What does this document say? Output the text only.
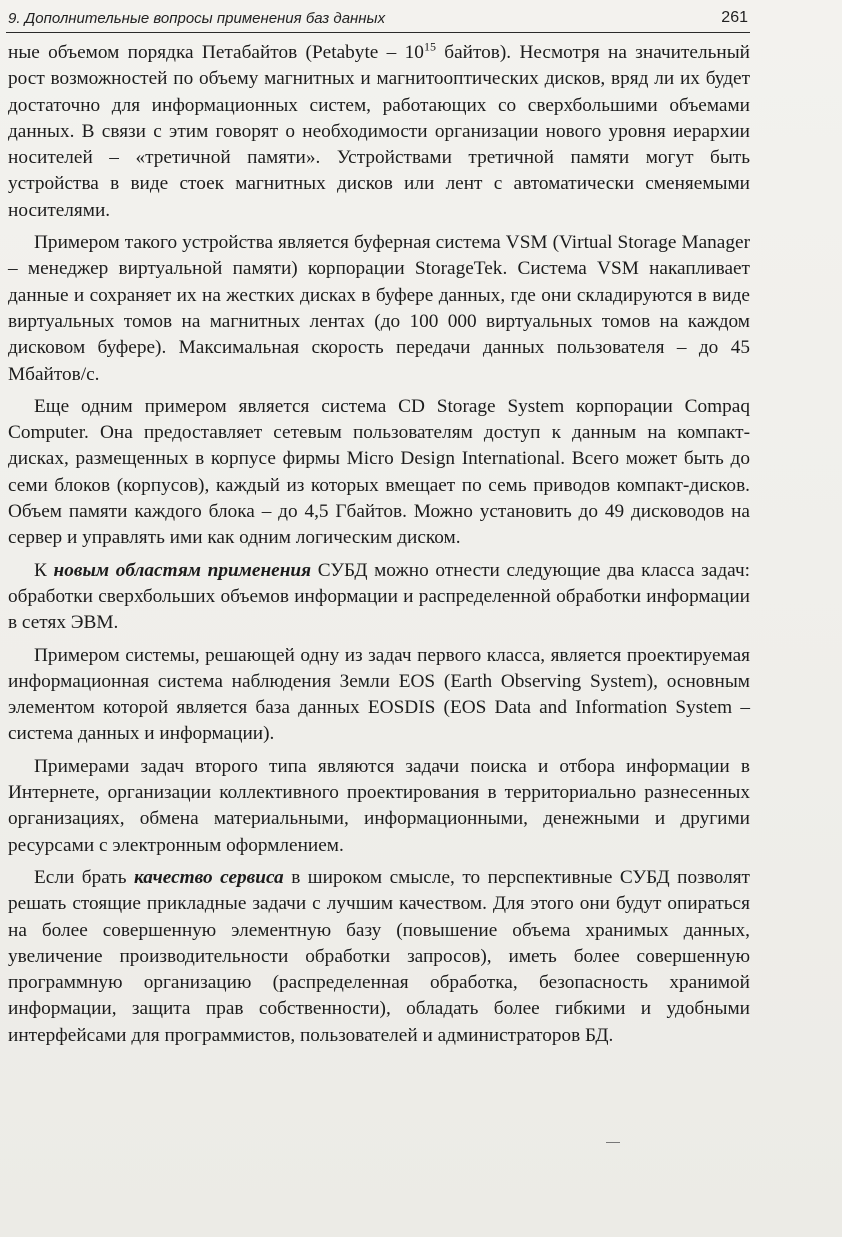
9. Дополнительные вопросы применения баз данных	261

ные объемом порядка Петабайтов (Petabyte – $10^{15}$ байтов). Несмотря на значительный рост возможностей по объему магнитных и магнитооптических дисков, вряд ли их будет достаточно для информационных систем, работающих со сверхбольшими объемами данных. В связи с этим говорят о необходимости организации нового уровня иерархии носителей – «третичной памяти». Устройствами третичной памяти могут быть устройства в виде стоек магнитных дисков или лент с автоматически сменяемыми носителями.

Примером такого устройства является буферная система VSM (Virtual Storage Manager – менеджер виртуальной памяти) корпорации StorageTek. Система VSM накапливает данные и сохраняет их на жестких дисках в буфере данных, где они складируются в виде виртуальных томов на магнитных лентах (до 100 000 виртуальных томов на каждом дисковом буфере). Максимальная скорость передачи данных пользователя – до 45 Мбайтов/с.

Еще одним примером является система CD Storage System корпорации Compaq Computer. Она предоставляет сетевым пользователям доступ к данным на компакт-дисках, размещенных в корпусе фирмы Micro Design International. Всего может быть до семи блоков (корпусов), каждый из которых вмещает по семь приводов компакт-дисков. Объем памяти каждого блока – до 4,5 Гбайтов. Можно установить до 49 дисководов на сервер и управлять ими как одним логическим диском.

К новым областям применения СУБД можно отнести следующие два класса задач: обработки сверхбольших объемов информации и распределенной обработки информации в сетях ЭВМ.

Примером системы, решающей одну из задач первого класса, является проектируемая информационная система наблюдения Земли EOS (Earth Observing System), основным элементом которой является база данных EOSDIS (EOS Data and Information System – система данных и информации).

Примерами задач второго типа являются задачи поиска и отбора информации в Интернете, организации коллективного проектирования в территориально разнесенных организациях, обмена материальными, информационными, денежными и другими ресурсами с электронным оформлением.

Если брать качество сервиса в широком смысле, то перспективные СУБД позволят решать стоящие прикладные задачи с лучшим качеством. Для этого они будут опираться на более совершенную элементную базу (повышение объема хранимых данных, увеличение производительности обработки запросов), иметь более совершенную программную организацию (распределенная обработка, безопасность хранимой информации, защита прав собственности), обладать более гибкими и удобными интерфейсами для программистов, пользователей и администраторов БД.
